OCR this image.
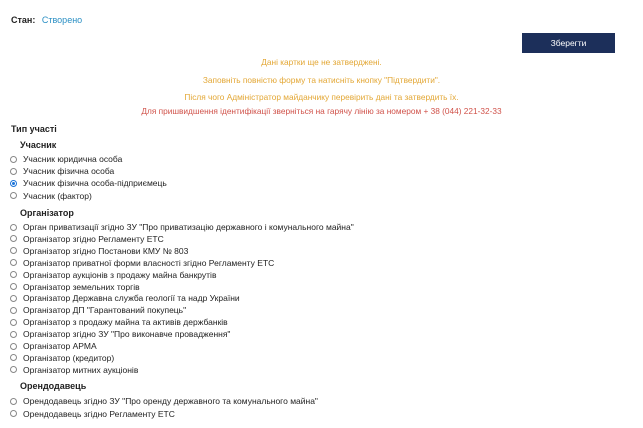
Стан: Створено
Зберегти
Дані картки ще не затверджені.
Заповніть повністю форму та натисніть кнопку "Підтвердити".
Після чого Адміністратор майданчику перевірить дані та затвердить їх.
Для пришвидшення ідентифікації зверніться на гарячу лінію за номером + 38 (044) 221-32-33
Тип участі
Учасник
Учасник юридична особа
Учасник фізична особа
Учасник фізична особа-підприємець
Учасник (фактор)
Організатор
Орган приватизації згідно ЗУ "Про приватизацію державного і комунального майна"
Організатор згідно Регламенту ЕТС
Організатор згідно Постанови КМУ № 803
Організатор приватної форми власності згідно Регламенту ЕТС
Організатор аукціонів з продажу майна банкрутів
Організатор земельних торгів
Організатор Державна служба геології та надр України
Організатор ДП "Гарантований покупець"
Організатор з продажу майна та активів держбанків
Організатор згідно ЗУ "Про виконавче провадження"
Організатор АРМА
Організатор (кредитор)
Організатор митних аукціонів
Орендодавець
Орендодавець згідно ЗУ "Про оренду державного та комунального майна"
Орендодавець згідно Регламенту ЕТС
